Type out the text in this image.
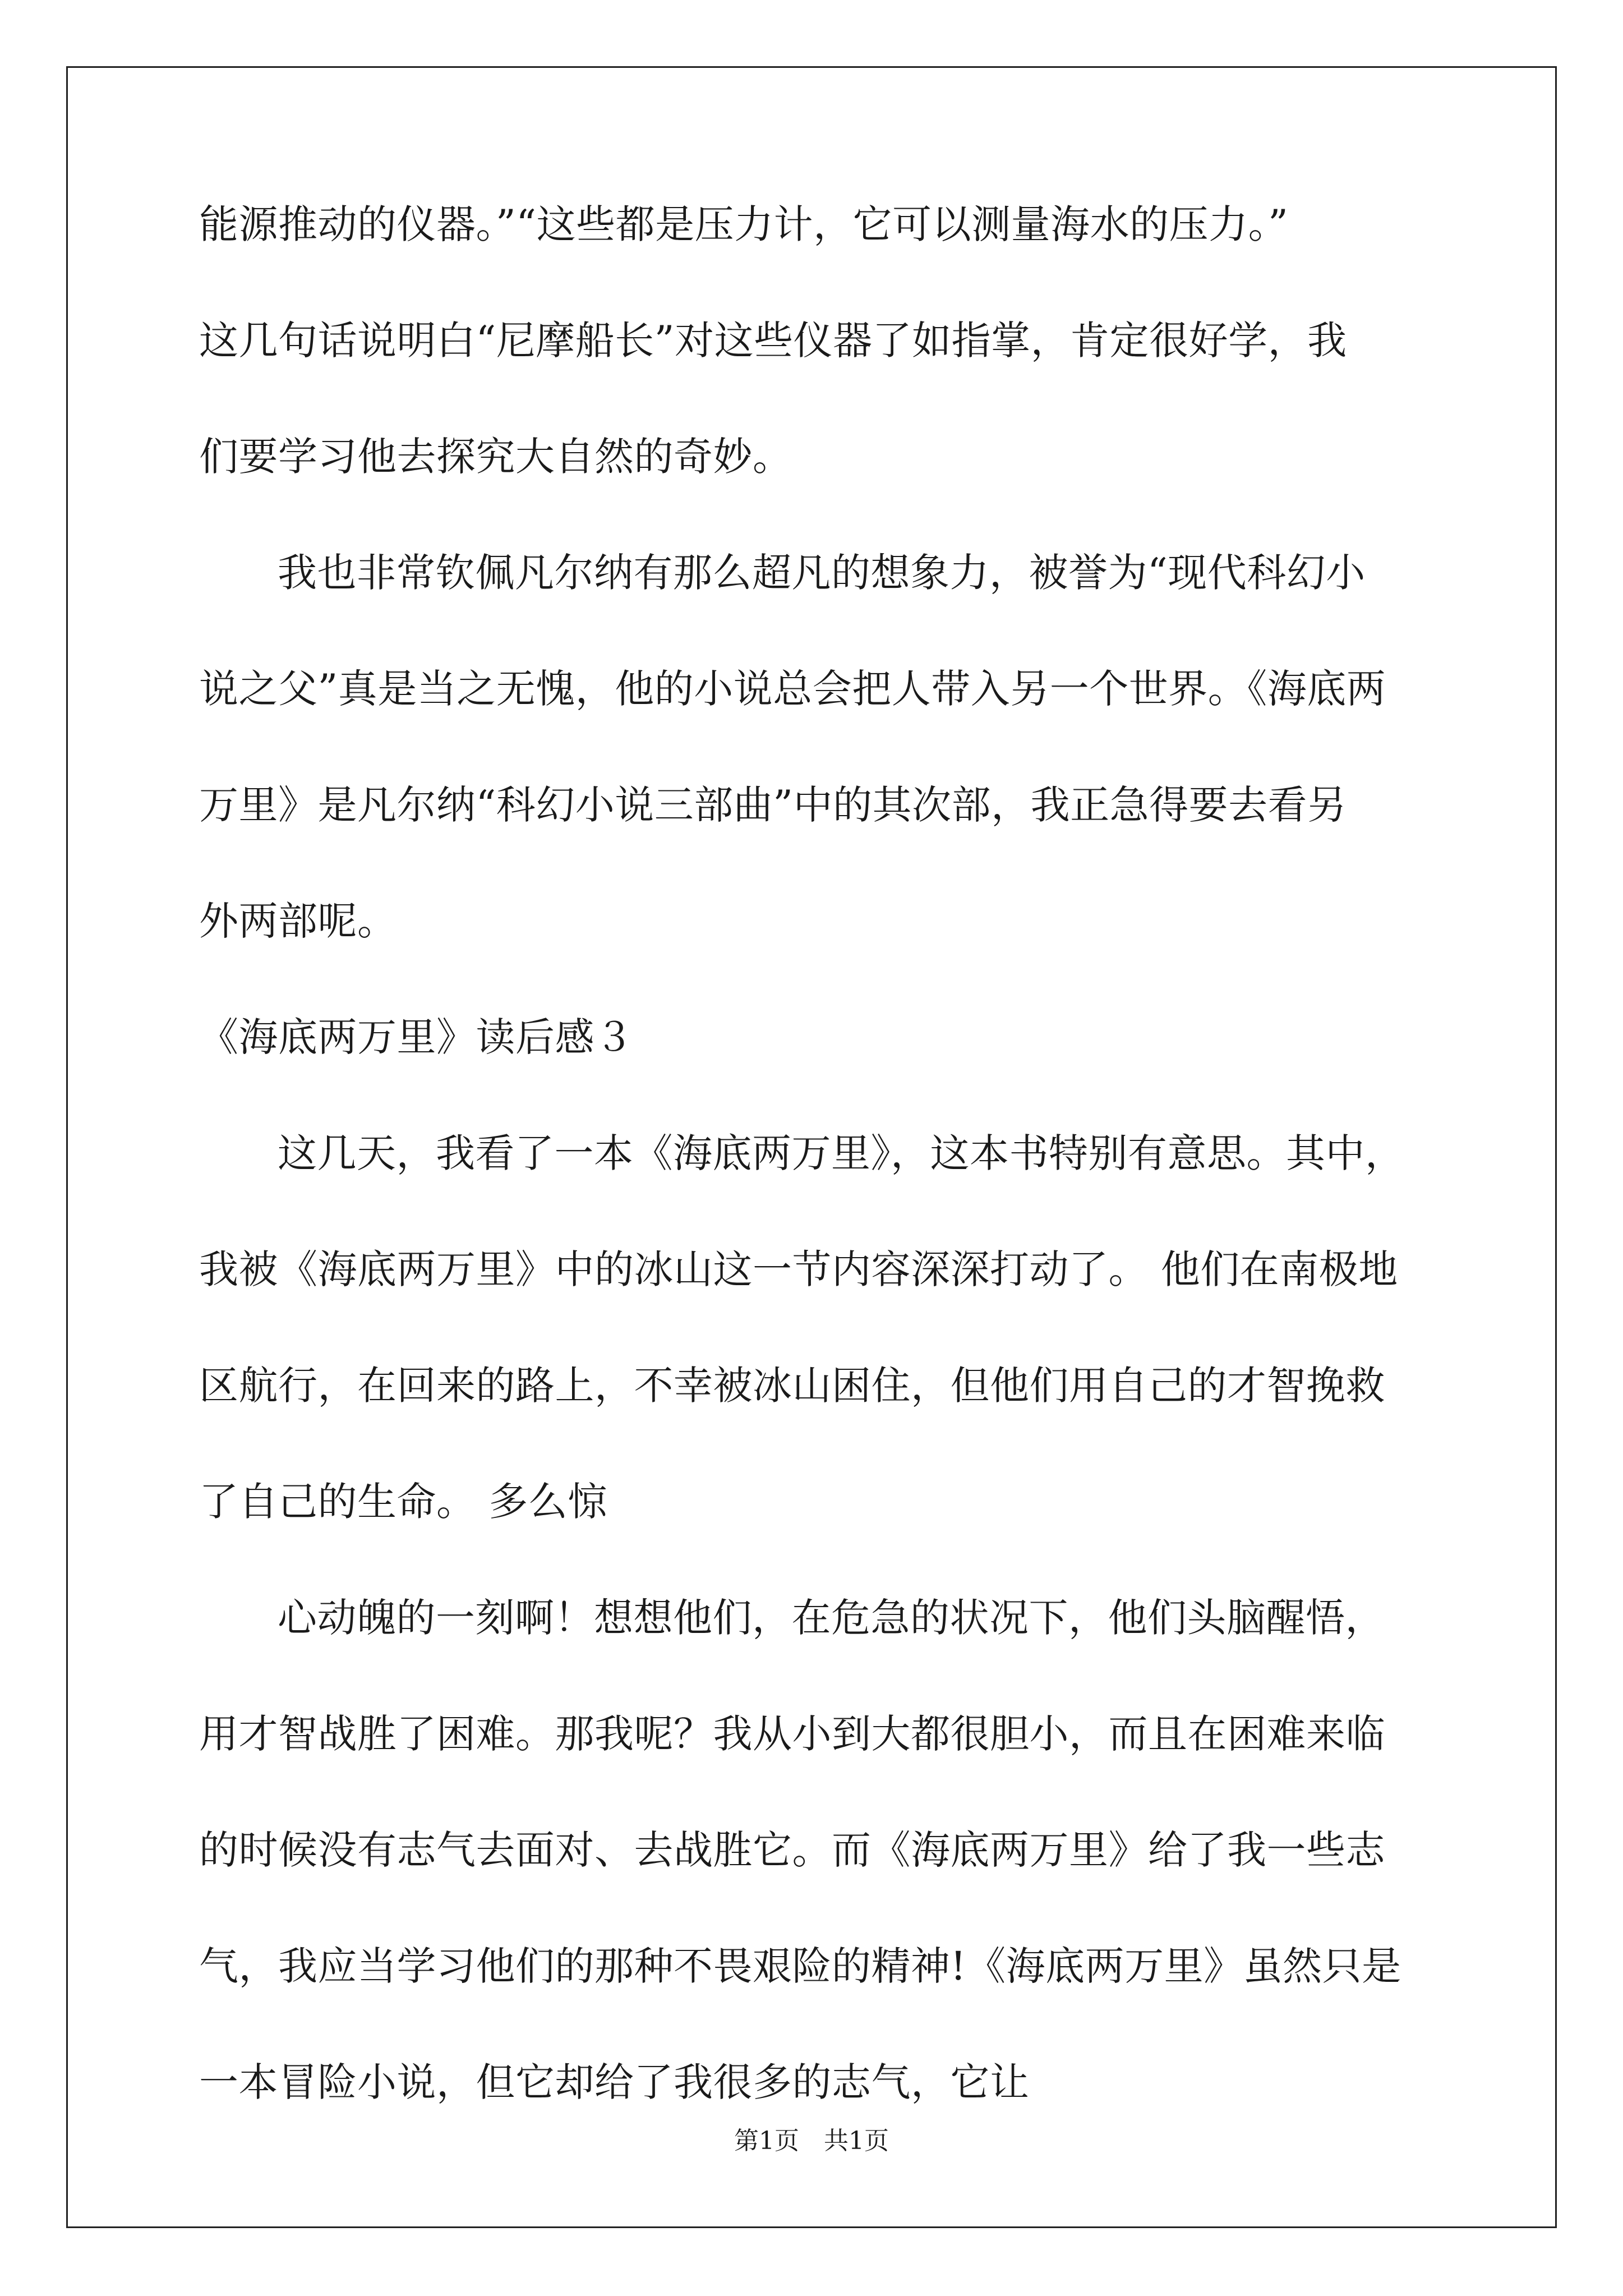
能源推动的仪器。”“这些都是压力计，它可以测量海水的压力。”
这几句话说明白“尼摩船长”对这些仪器了如指掌，肯定很好学，我
们要学习他去探究大自然的奇妙。
我也非常钦佩凡尔纳有那么超凡的想象力，被誉为“现代科幻小
说之父”真是当之无愧，他的小说总会把人带入另一个世界。《海底两
万里》是凡尔纳“科幻小说三部曲”中的其次部，我正急得要去看另
外两部呢。
《海底两万里》读后感３
这几天，我看了一本《海底两万里》，这本书特别有意思。其中，
我被《海底两万里》中的冰山这一节内容深深打动了。 他们在南极地
区航行，在回来的路上，不幸被冰山困住，但他们用自己的才智挽救
了自己的生命。 多么惊
心动魄的一刻啊！想想他们，在危急的状况下，他们头脑醒悟，
用才智战胜了困难。那我呢？我从小到大都很胆小，而且在困难来临
的时候没有志气去面对、去战胜它。而《海底两万里》给了我一些志
气，我应当学习他们的那种不畏艰险的精神!《海底两万里》虽然只是
一本冒险小说，但它却给了我很多的志气，它让
第1页　共1页
